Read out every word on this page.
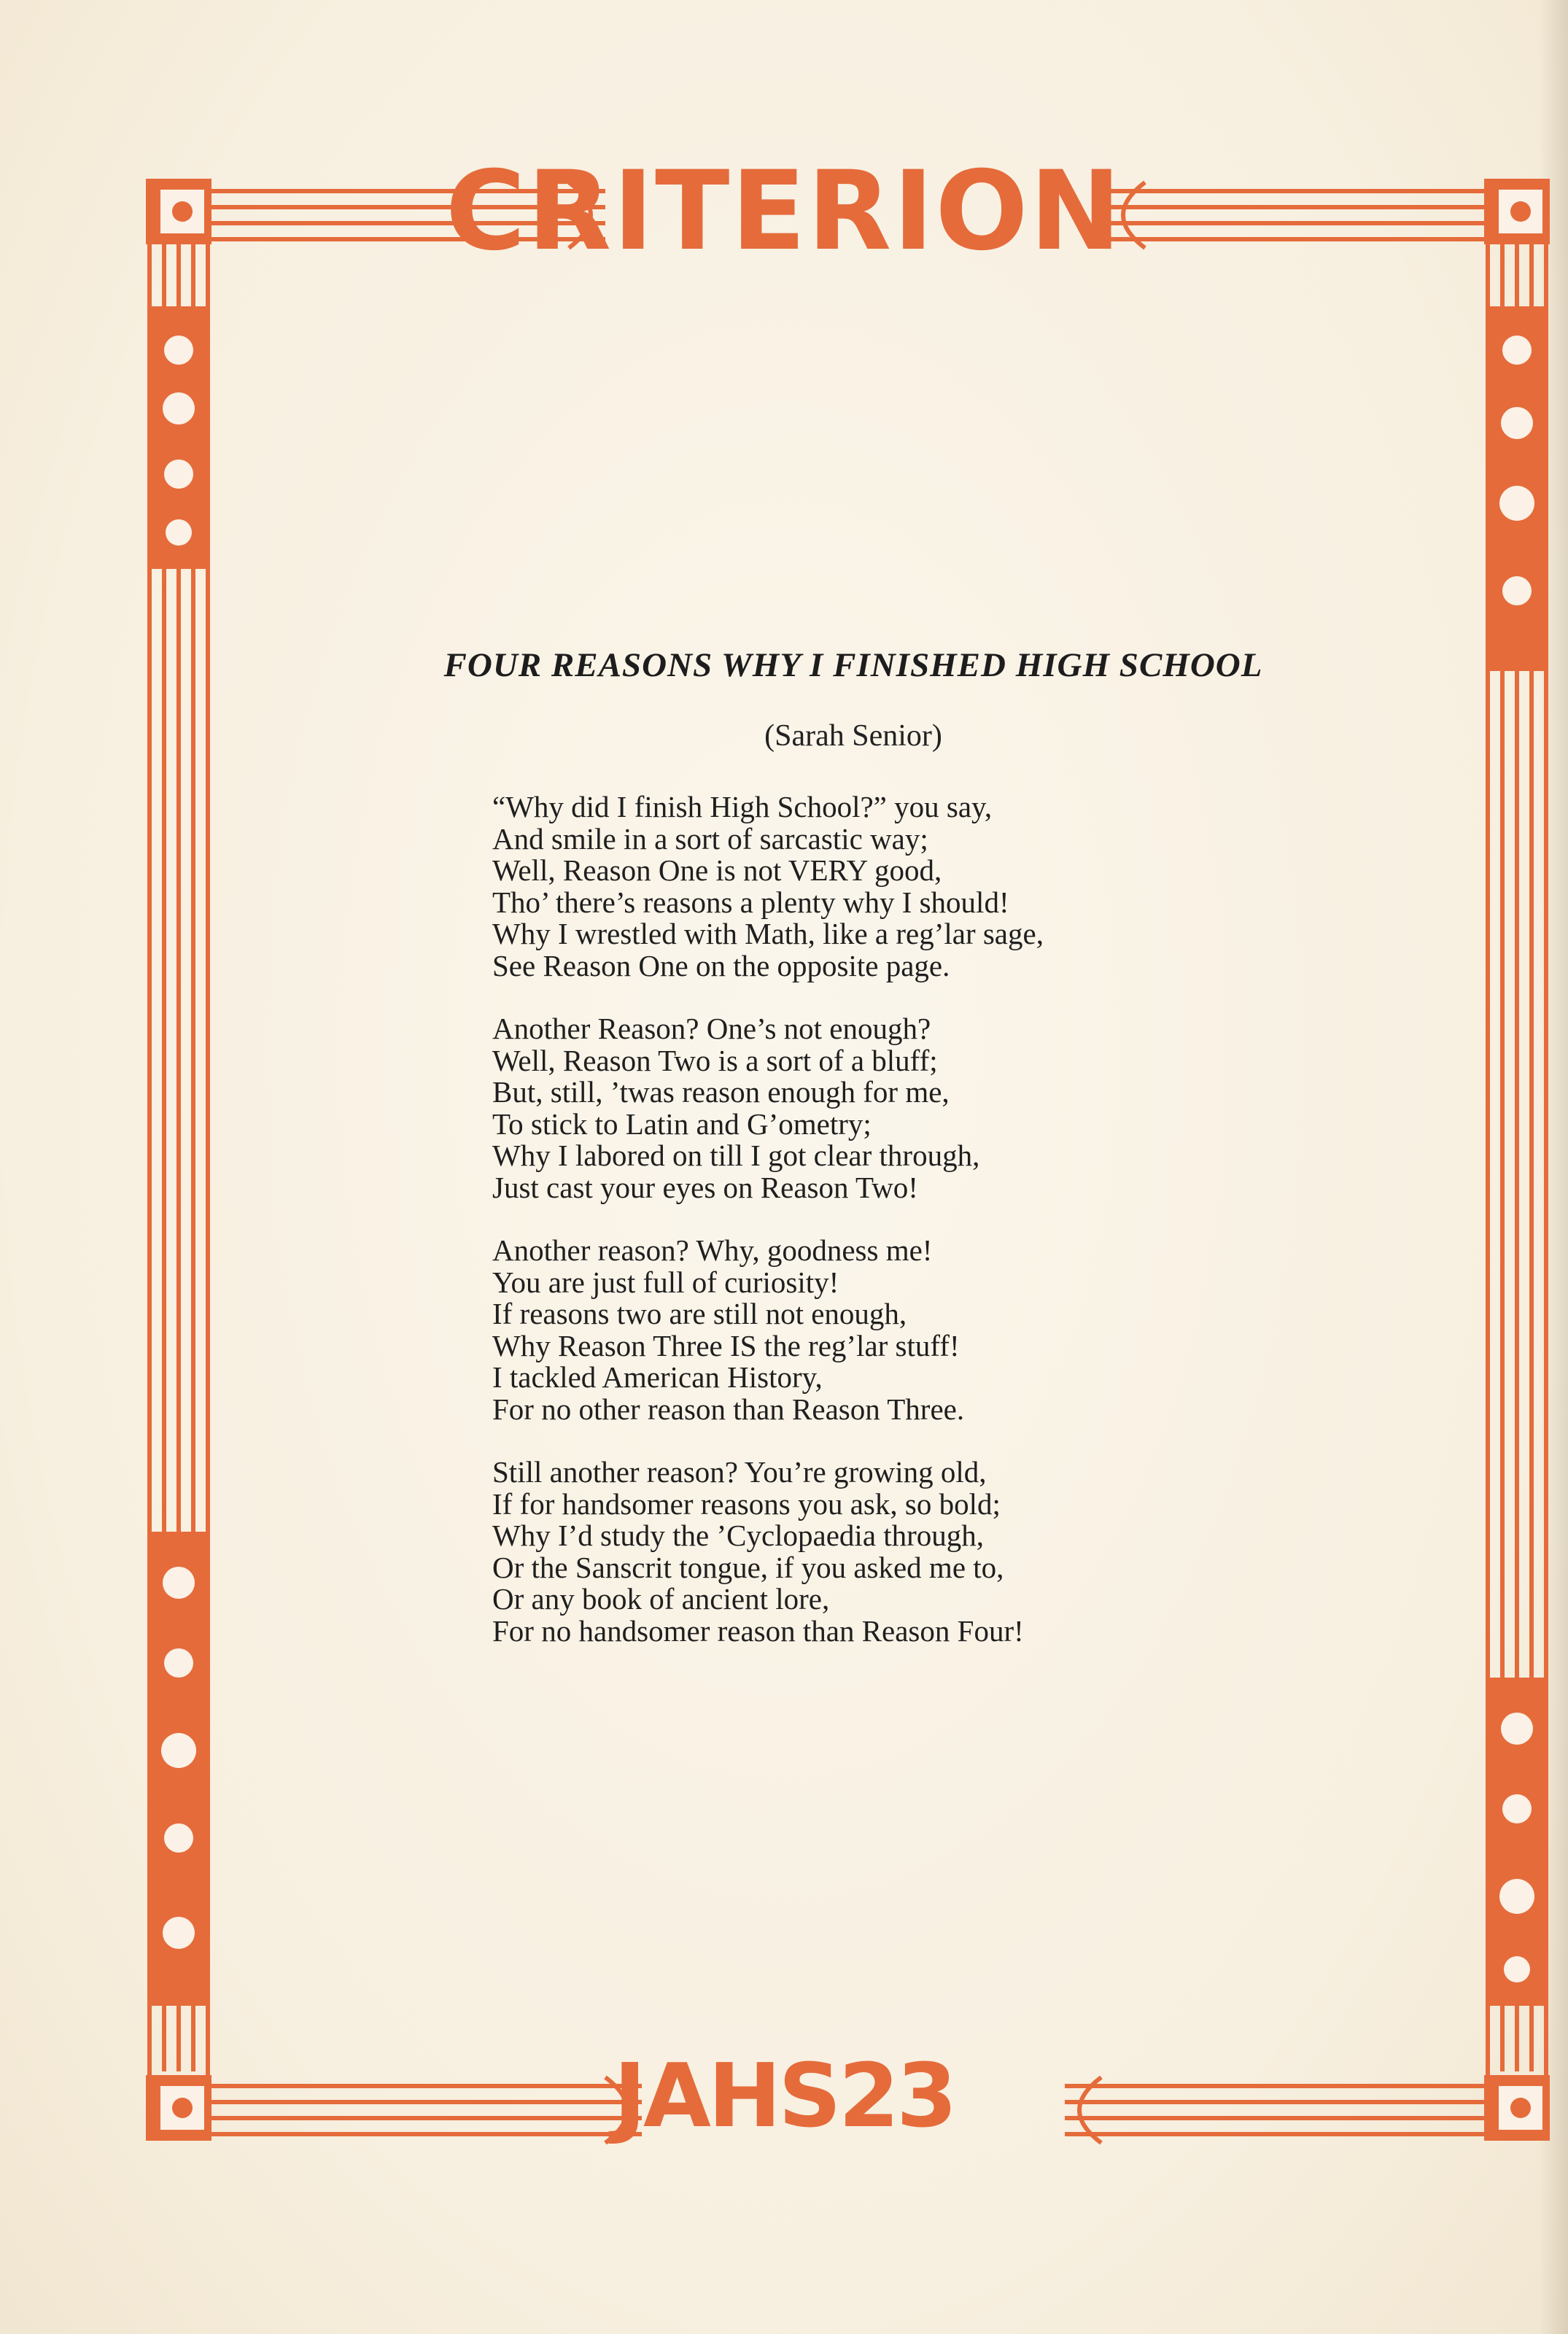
CRITERION
FOUR REASONS WHY I FINISHED HIGH SCHOOL
(Sarah Senior)
“Why did I finish High School?” you say,
And smile in a sort of sarcastic way;
Well, Reason One is not VERY good,
Tho’ there’s reasons a plenty why I should!
Why I wrestled with Math, like a reg’lar sage,
See Reason One on the opposite page.
Another Reason? One’s not enough?
Well, Reason Two is a sort of a bluff;
But, still, ’twas reason enough for me,
To stick to Latin and G’ometry;
Why I labored on till I got clear through,
Just cast your eyes on Reason Two!
Another reason? Why, goodness me!
You are just full of curiosity!
If reasons two are still not enough,
Why Reason Three IS the reg’lar stuff!
I tackled American History,
For no other reason than Reason Three.
Still another reason? You’re growing old,
If for handsomer reasons you ask, so bold;
Why I’d study the ’Cyclopaedia through,
Or the Sanscrit tongue, if you asked me to,
Or any book of ancient lore,
For no handsomer reason than Reason Four!
JAHS23
